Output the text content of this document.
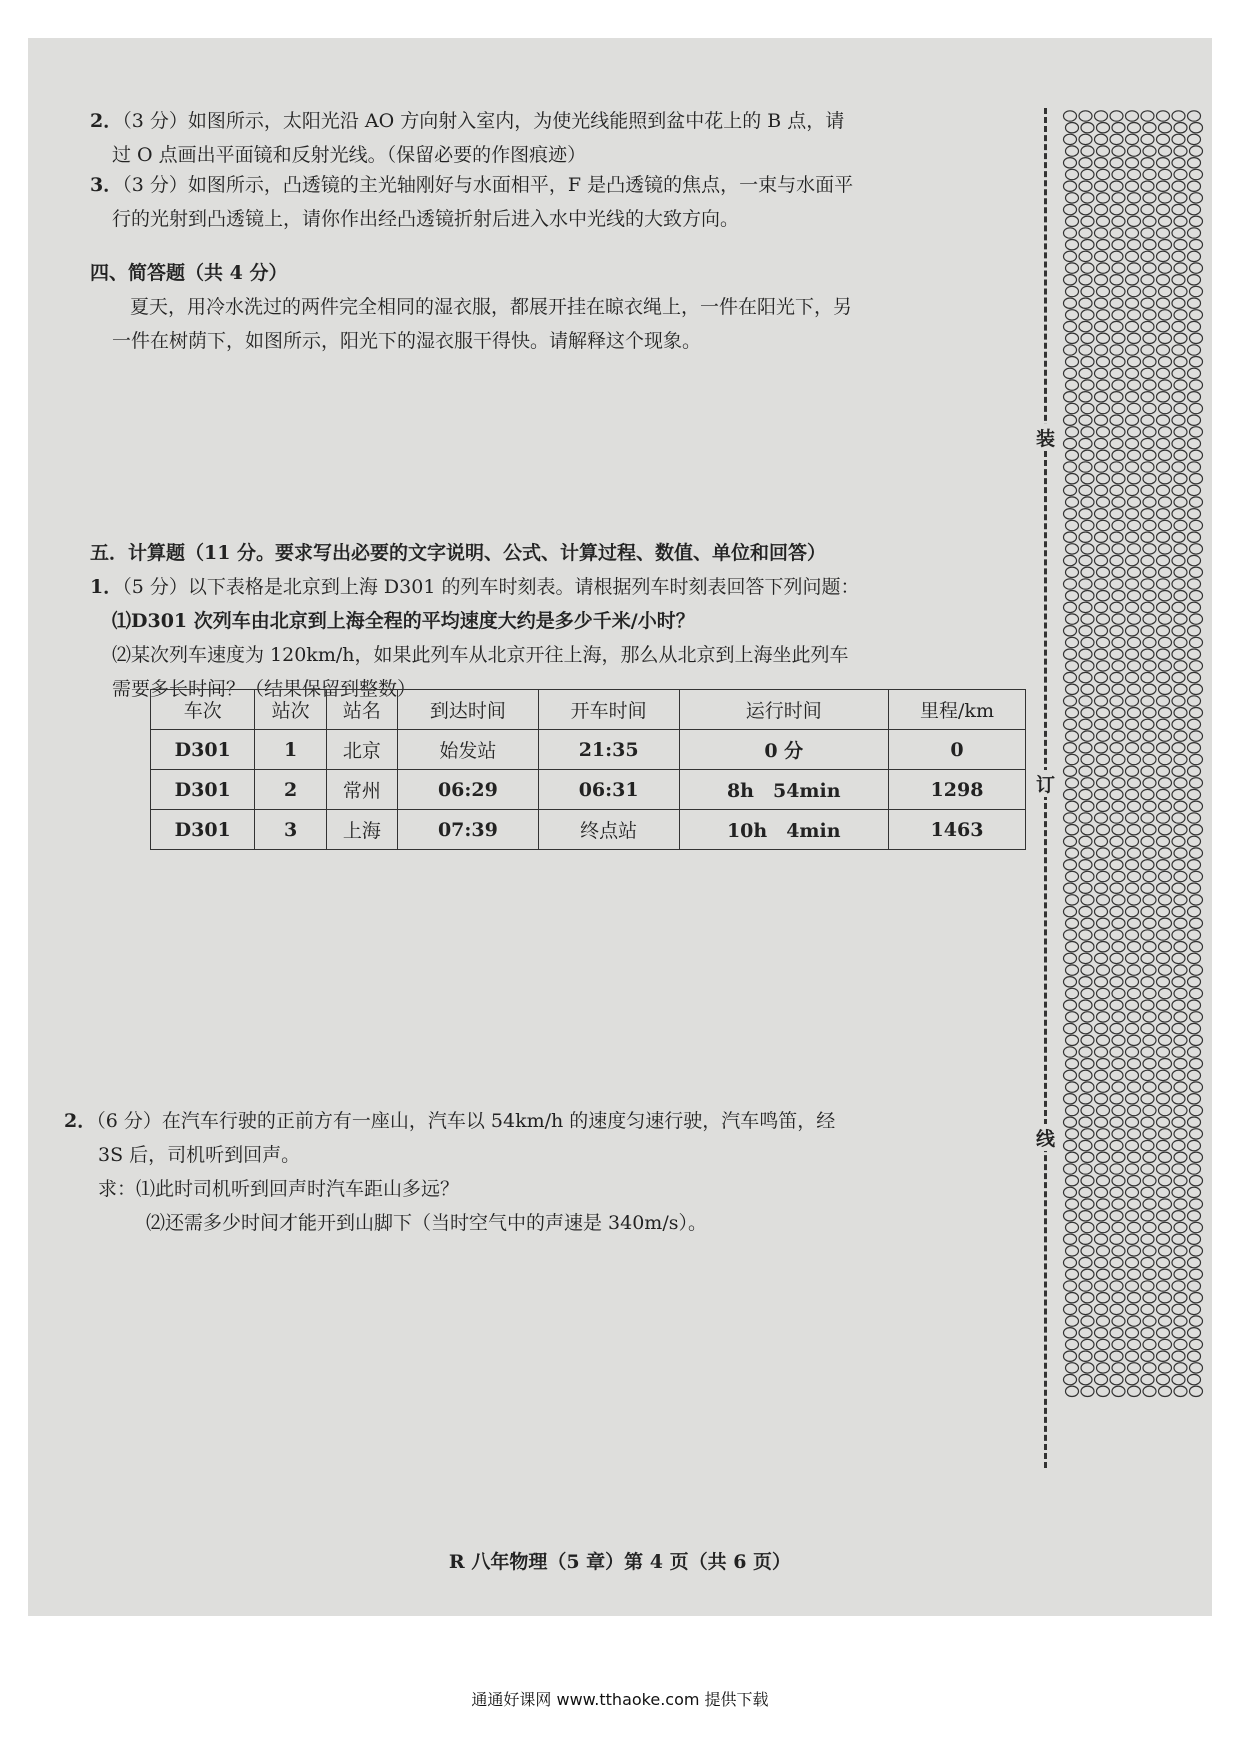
2．（3 分）如图所示，太阳光沿 AO 方向射入室内，为使光线能照到盆中花上的 B 点，请
过 O 点画出平面镜和反射光线。（保留必要的作图痕迹）
3．（3 分）如图所示，凸透镜的主光轴刚好与水面相平，F 是凸透镜的焦点，一束与水面平
行的光射到凸透镜上，请你作出经凸透镜折射后进入水中光线的大致方向。
四、简答题（共 4 分）
夏天，用冷水洗过的两件完全相同的湿衣服，都展开挂在晾衣绳上，一件在阳光下，另
一件在树荫下，如图所示，阳光下的湿衣服干得快。请解释这个现象。
五．计算题（11 分。要求写出必要的文字说明、公式、计算过程、数值、单位和回答）
1．（5 分）以下表格是北京到上海 D301 的列车时刻表。请根据列车时刻表回答下列问题：
⑴D301 次列车由北京到上海全程的平均速度大约是多少千米/小时？
⑵某次列车速度为 120km/h，如果此列车从北京开往上海，那么从北京到上海坐此列车
需要多长时间？（结果保留到整数）
车次	站次	站名	到达时间	开车时间	运行时间	里程/km
D301	1	北京	始发站	21:35	0 分	0
D301	2	常州	06:29	06:31	8h　54min	1298
D301	3	上海	07:39	终点站	10h　4min	1463
2．（6 分）在汽车行驶的正前方有一座山，汽车以 54km/h 的速度匀速行驶，汽车鸣笛，经
3S 后，司机听到回声。
求：⑴此时司机听到回声时汽车距山多远？
⑵还需多少时间才能开到山脚下（当时空气中的声速是 340m/s）。
装
订
线
R 八年物理（5 章）第 4 页（共 6 页）
通通好课网 www.tthaoke.com 提供下载
